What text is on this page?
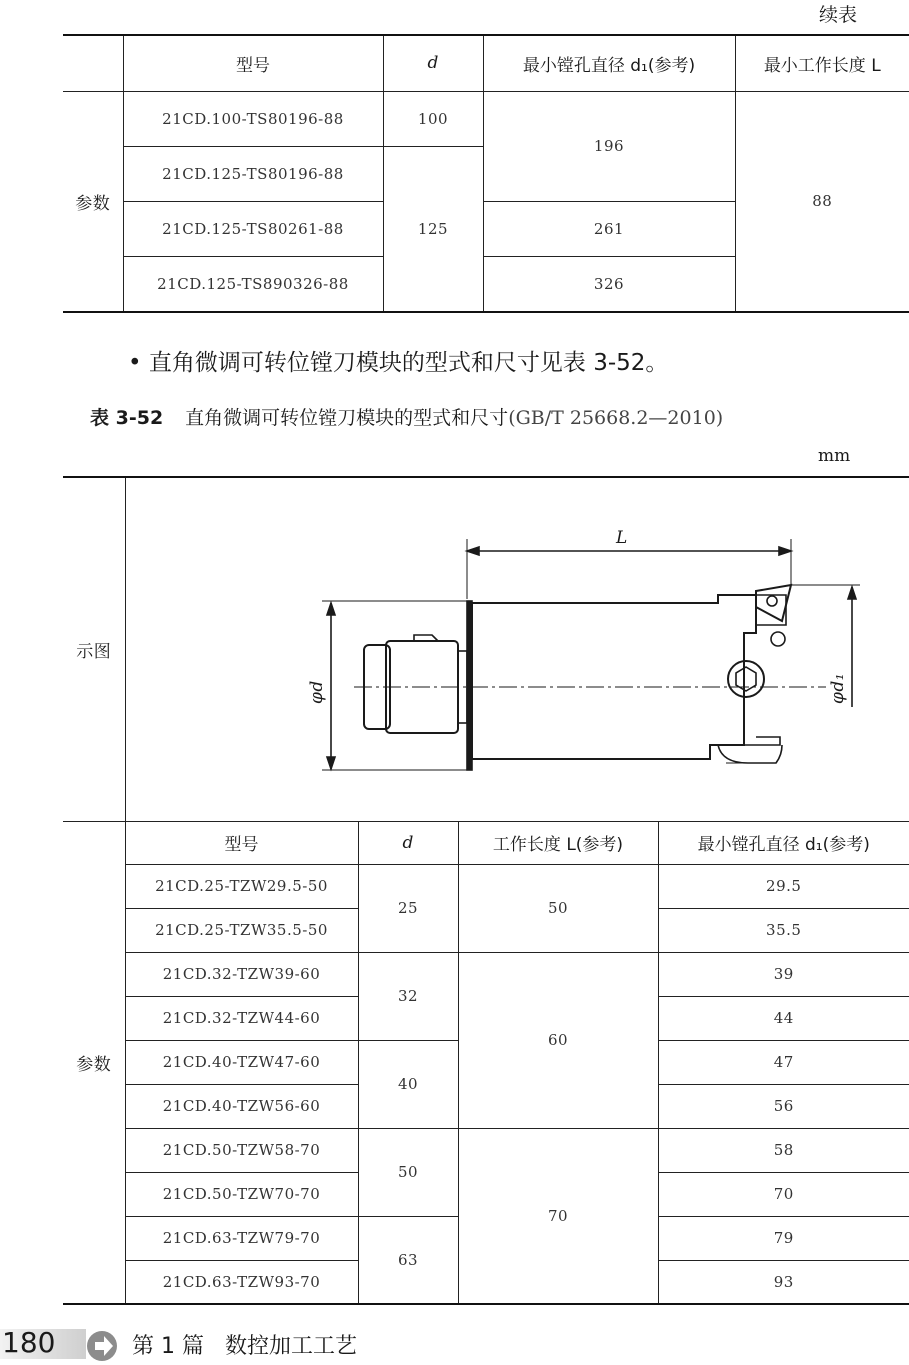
续表
	型号	d	最小镗孔直径 d₁(参考)	最小工作长度 L
参数	21CD.100-TS80196-88	100	196	88
	21CD.125-TS80196-88	125		
	21CD.125-TS80261-88		261	
	21CD.125-TS890326-88		326	
• 直角微调可转位镗刀模块的型式和尺寸见表 3-52。
表 3-52 直角微调可转位镗刀模块的型式和尺寸(GB/T 25668.2—2010)
mm
示图	L
φd φd₁			

参数	型号	d	工作长度 L(参考)	最小镗孔直径 d₁(参考)
	21CD.25-TZW29.5-50	25	50	29.5
	21CD.25-TZW35.5-50			35.5
	21CD.32-TZW39-60	32	60	39
	21CD.32-TZW44-60			44
	21CD.40-TZW47-60	40		47
	21CD.40-TZW56-60			56
	21CD.50-TZW58-70	50	70	58
	21CD.50-TZW70-70			70
	21CD.63-TZW79-70	63		79
	21CD.63-TZW93-70			93
180	第 1 篇   数控加工工艺
